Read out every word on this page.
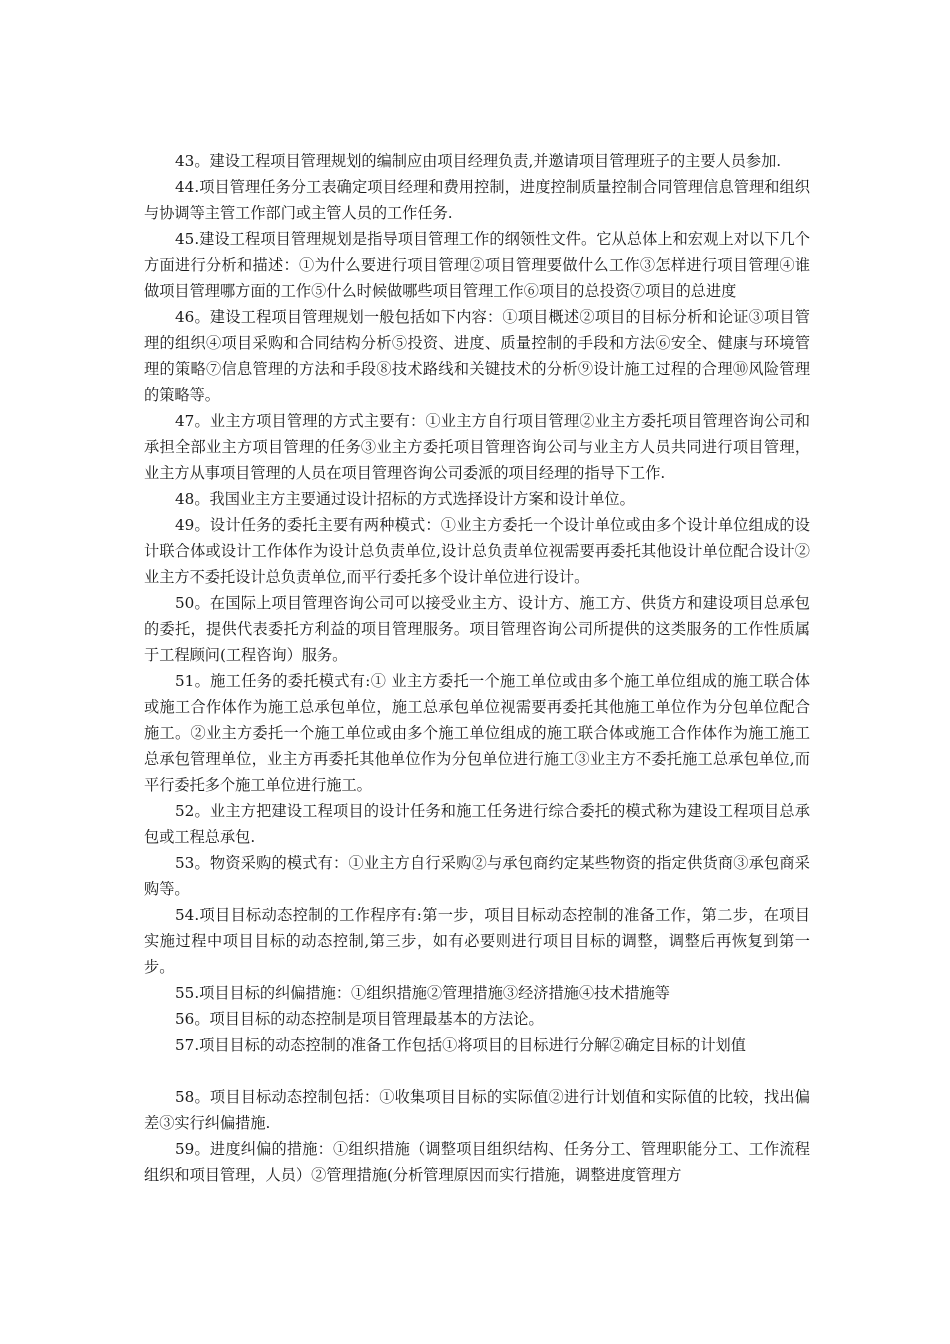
43。建设工程项目管理规划的编制应由项目经理负责,并邀请项目管理班子的主要人员参加.

44.项目管理任务分工表确定项目经理和费用控制，进度控制质量控制合同管理信息管理和组织与协调等主管工作部门或主管人员的工作任务.

45.建设工程项目管理规划是指导项目管理工作的纲领性文件。它从总体上和宏观上对以下几个方面进行分析和描述：①为什么要进行项目管理②项目管理要做什么工作③怎样进行项目管理④谁做项目管理哪方面的工作⑤什么时候做哪些项目管理工作⑥项目的总投资⑦项目的总进度

46。建设工程项目管理规划一般包括如下内容：①项目概述②项目的目标分析和论证③项目管理的组织④项目采购和合同结构分析⑤投资、进度、质量控制的手段和方法⑥安全、健康与环境管理的策略⑦信息管理的方法和手段⑧技术路线和关键技术的分析⑨设计施工过程的合理⑩风险管理的策略等。

47。业主方项目管理的方式主要有：①业主方自行项目管理②业主方委托项目管理咨询公司和承担全部业主方项目管理的任务③业主方委托项目管理咨询公司与业主方人员共同进行项目管理，业主方从事项目管理的人员在项目管理咨询公司委派的项目经理的指导下工作.

48。我国业主方主要通过设计招标的方式选择设计方案和设计单位。

49。设计任务的委托主要有两种模式：①业主方委托一个设计单位或由多个设计单位组成的设计联合体或设计工作体作为设计总负责单位,设计总负责单位视需要再委托其他设计单位配合设计②业主方不委托设计总负责单位,而平行委托多个设计单位进行设计。

50。在国际上项目管理咨询公司可以接受业主方、设计方、施工方、供货方和建设项目总承包的委托，提供代表委托方利益的项目管理服务。项目管理咨询公司所提供的这类服务的工作性质属于工程顾问(工程咨询）服务。

51。施工任务的委托模式有:① 业主方委托一个施工单位或由多个施工单位组成的施工联合体或施工合作体作为施工总承包单位，施工总承包单位视需要再委托其他施工单位作为分包单位配合施工。②业主方委托一个施工单位或由多个施工单位组成的施工联合体或施工合作体作为施工施工总承包管理单位，业主方再委托其他单位作为分包单位进行施工③业主方不委托施工总承包单位,而平行委托多个施工单位进行施工。

52。业主方把建设工程项目的设计任务和施工任务进行综合委托的模式称为建设工程项目总承包或工程总承包.

53。物资采购的模式有：①业主方自行采购②与承包商约定某些物资的指定供货商③承包商采购等。

54.项目目标动态控制的工作程序有:第一步，项目目标动态控制的准备工作，第二步，在项目实施过程中项目目标的动态控制,第三步，如有必要则进行项目目标的调整，调整后再恢复到第一步。

55.项目目标的纠偏措施：①组织措施②管理措施③经济措施④技术措施等

56。项目目标的动态控制是项目管理最基本的方法论。

57.项目目标的动态控制的准备工作包括①将项目的目标进行分解②确定目标的计划值

58。项目目标动态控制包括：①收集项目目标的实际值②进行计划值和实际值的比较，找出偏差③实行纠偏措施.

59。进度纠偏的措施：①组织措施（调整项目组织结构、任务分工、管理职能分工、工作流程组织和项目管理，人员）②管理措施(分析管理原因而实行措施，调整进度管理方
